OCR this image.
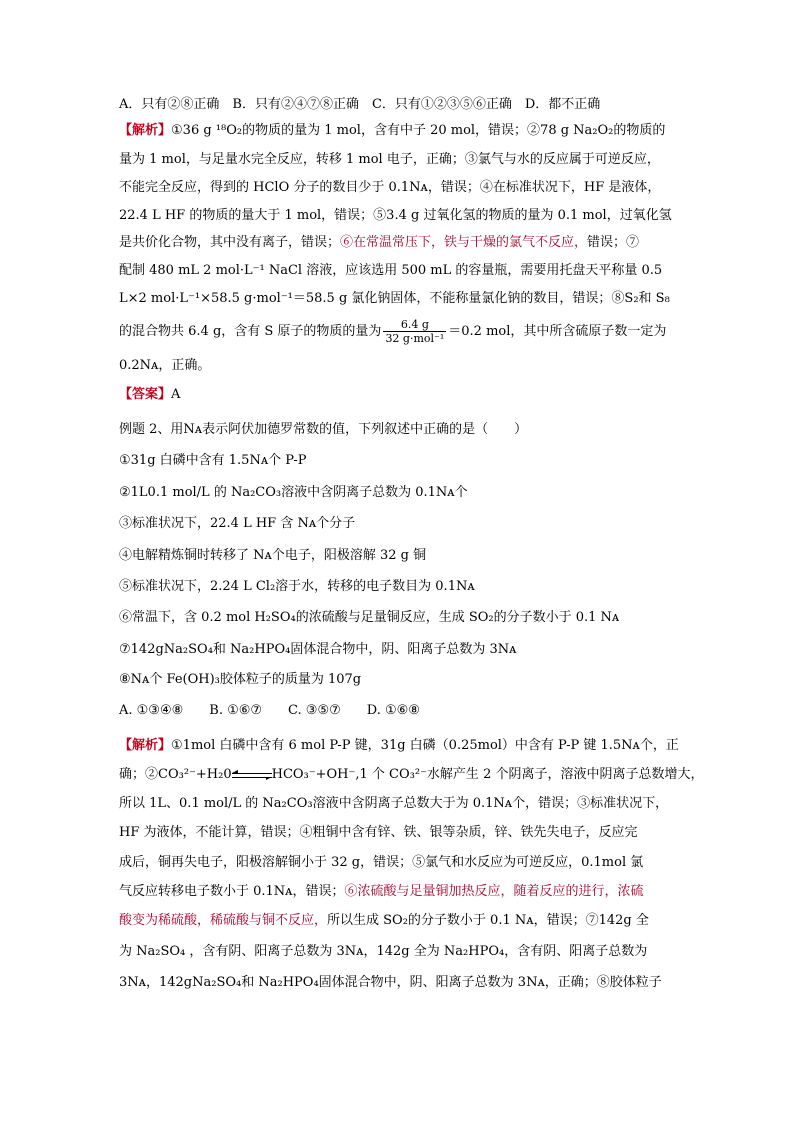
A．只有②⑧正确　B．只有②④⑦⑧正确　C．只有①②③⑤⑥正确　D．都不正确
【解析】①36 g ¹⁸O₂的物质的量为 1 mol，含有中子 20 mol，错误；②78 g Na₂O₂的物质的
量为 1 mol，与足量水完全反应，转移 1 mol 电子，正确；③氯气与水的反应属于可逆反应，
不能完全反应，得到的 HClO 分子的数目少于 0.1Nᴀ，错误；④在标准状况下，HF 是液体，
22.4 L HF 的物质的量大于 1 mol，错误；⑤3.4 g 过氧化氢的物质的量为 0.1 mol，过氧化氢
是共价化合物，其中没有离子，错误；⑥在常温常压下，铁与干燥的氯气不反应，错误；⑦
配制 480 mL 2 mol·L⁻¹ NaCl 溶液，应该选用 500 mL 的容量瓶，需要用托盘天平称量 0.5
L×2 mol·L⁻¹×58.5 g·mol⁻¹＝58.5 g 氯化钠固体，不能称量氯化钠的数目，错误；⑧S₂和 S₈
的混合物共 6.4 g，含有 S 原子的物质的量为 $\frac{6.4 g}{\text{32 g·mol⁻¹}} =0.2$ mol，其中所含硫原子数一定为
0.2Nᴀ，正确。
【答案】A
例题 2、用Nᴀ表示阿伏加德罗常数的值，下列叙述中正确的是（　　）
①31g 白磷中含有 1.5Nᴀ个 P-P
②1L0.1 mol/L 的 Na₂CO₃溶液中含阴离子总数为 0.1Nᴀ个
③标准状况下，22.4 L HF 含 Nᴀ个分子
④电解精炼铜时转移了 Nᴀ个电子，阳极溶解 32 g 铜
⑤标准状况下，2.24 L Cl₂溶于水，转移的电子数目为 0.1Nᴀ
⑥常温下，含 0.2 mol H₂SO₄的浓硫酸与足量铜反应，生成 SO₂的分子数小于 0.1 Nᴀ
⑦142gNa₂SO₄和 Na₂HPO₄固体混合物中，阴、阳离子总数为 3Nᴀ
⑧Nᴀ个 Fe(OH)₃胶体粒子的质量为 107g
A. ①③④⑧　　B. ①⑥⑦　　C. ③⑤⑦　　D. ①⑥⑧
【解析】①1mol 白磷中含有 6 mol P-P 键，31g 白磷（0.25mol）中含有 P-P 键 1.5Nᴀ个，正
确；②CO₃²⁻+H₂0	HCO₃⁻+OH⁻,1 个 CO₃²⁻水解产生 2 个阴离子，溶液中阴离子总数增大，
所以 1L、0.1 mol/L 的 Na₂CO₃溶液中含阴离子总数大于为 0.1Nᴀ个，错误；③标准状况下，
HF 为液体，不能计算，错误；④粗铜中含有锌、铁、银等杂质，锌、铁先失电子，反应完
成后，铜再失电子，阳极溶解铜小于 32 g，错误；⑤氯气和水反应为可逆反应，0.1mol 氯
气反应转移电子数小于 0.1Nᴀ，错误；⑥浓硫酸与足量铜加热反应，随着反应的进行，浓硫
酸变为稀硫酸，稀硫酸与铜不反应，所以生成 SO₂的分子数小于 0.1 Nᴀ，错误；⑦142g 全
为 Na₂SO₄ ，含有阴、阳离子总数为 3Nᴀ，142g 全为 Na₂HPO₄，含有阴、阳离子总数为
3Nᴀ，142gNa₂SO₄和 Na₂HPO₄固体混合物中，阴、阳离子总数为 3Nᴀ，正确；⑧胶体粒子
